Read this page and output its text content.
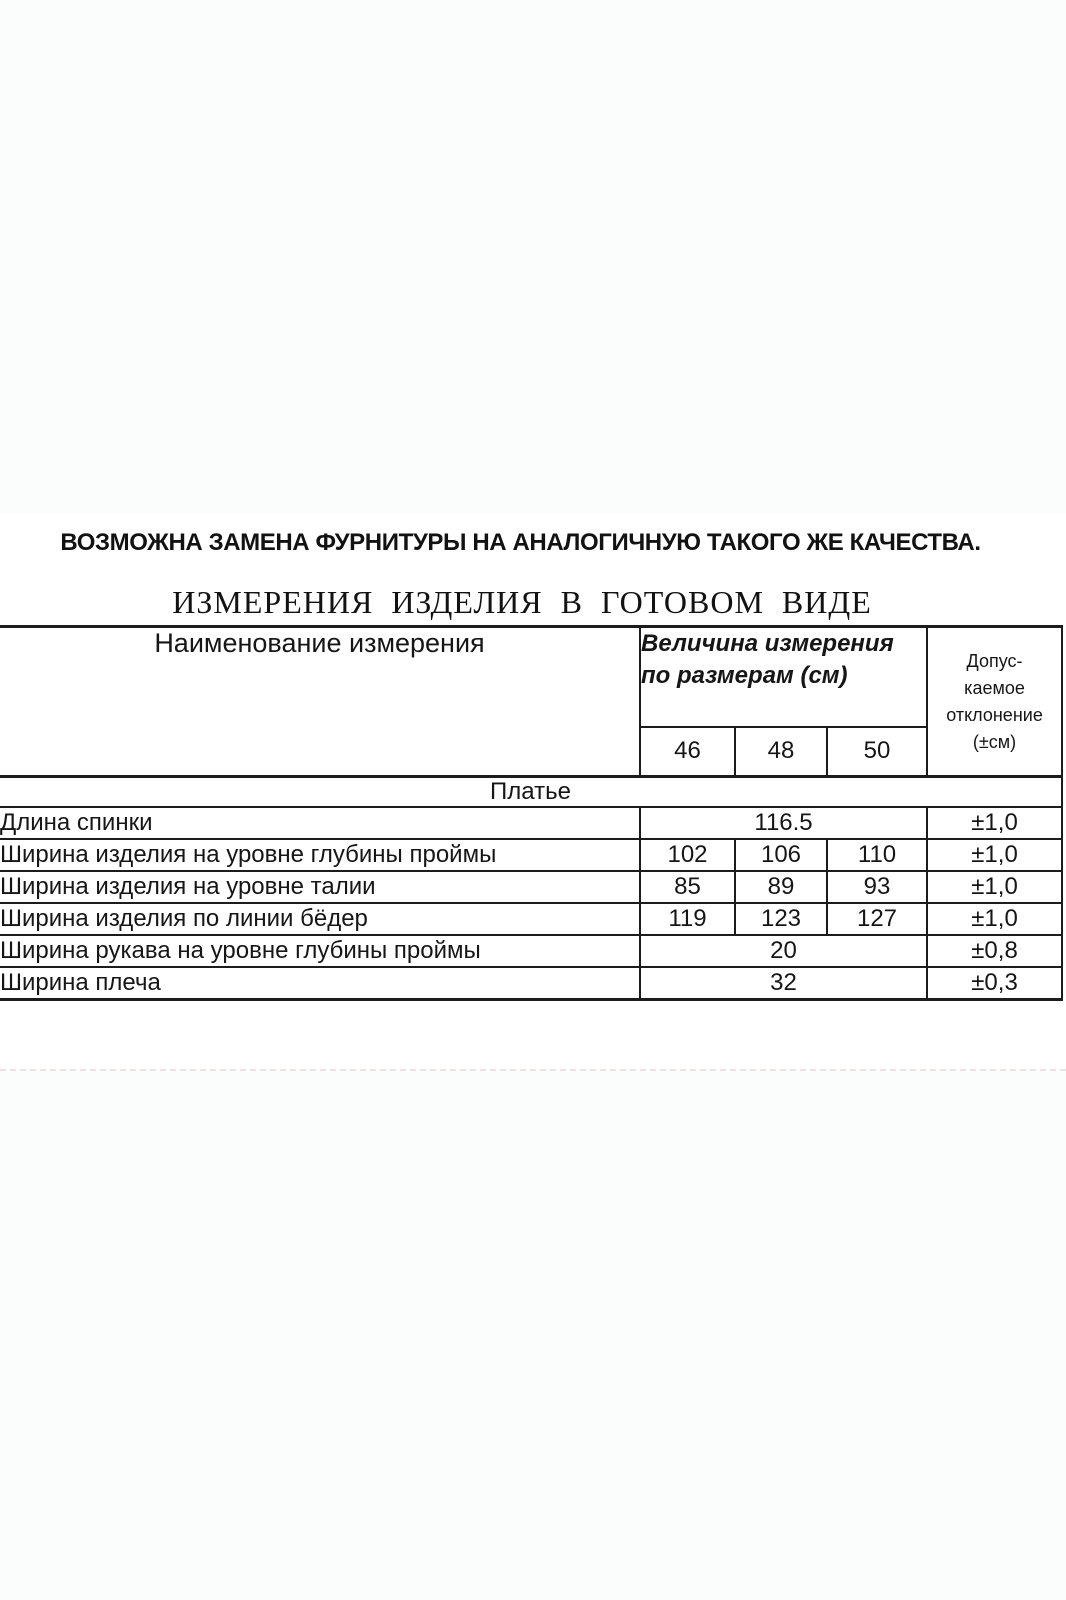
ВОЗМОЖНА ЗАМЕНА ФУРНИТУРЫ НА АНАЛОГИЧНУЮ ТАКОГО ЖЕ КАЧЕСТВА.
ИЗМЕРЕНИЯ ИЗДЕЛИЯ В ГОТОВОМ ВИДЕ
Наименование измерения	Величина измерения по размерам (см)			Допус-
каемое
отклонение
(±см)

	46	48	50	
Платье				
Длина спинки	116.5			±1,0
Ширина изделия на уровне глубины проймы	102	106	110	±1,0
Ширина изделия на уровне талии	85	89	93	±1,0
Ширина изделия по линии бёдер	119	123	127	±1,0
Ширина рукава на уровне глубины проймы	20			±0,8
Ширина плеча	32			±0,3
